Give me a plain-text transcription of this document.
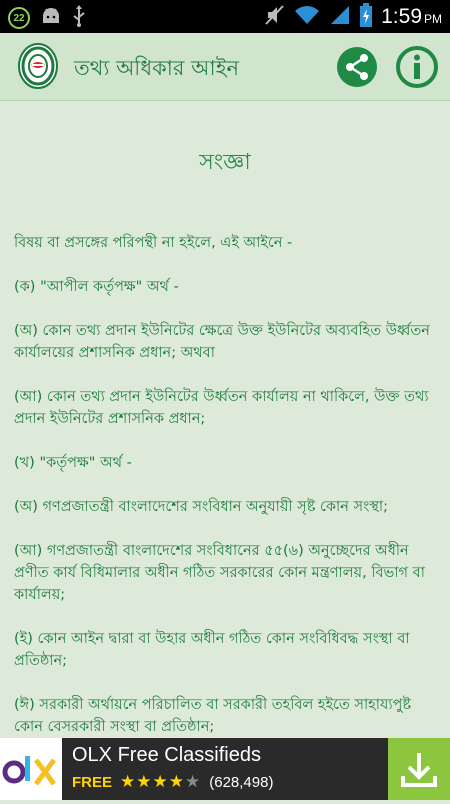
22	1:59 PM
তথ্য অধিকার আইন
সংজ্ঞা

বিষয় বা প্রসঙ্গের পরিপন্থী না হইলে, এই আইনে -

(ক) "আপীল কর্তৃপক্ষ" অর্থ -

(অ) কোন তথ্য প্রদান ইউনিটের ক্ষেত্রে উক্ত ইউনিটের অব্যবহিত উর্ধ্বতন কার্যালয়ের প্রশাসনিক প্রধান; অথবা

(আ) কোন তথ্য প্রদান ইউনিটের উর্ধ্বতন কার্যালয় না থাকিলে, উক্ত তথ্য প্রদান ইউনিটের প্রশাসনিক প্রধান;

(খ) "কর্তৃপক্ষ" অর্থ -

(অ) গণপ্রজাতন্ত্রী বাংলাদেশের সংবিধান অনুযায়ী সৃষ্ট কোন সংস্থা;

(আ) গণপ্রজাতন্ত্রী বাংলাদেশের সংবিধানের ৫৫(৬) অনুচ্ছেদের অধীন প্রণীত কার্য বিধিমালার অধীন গঠিত সরকারের কোন মন্ত্রণালয়, বিভাগ বা কার্যালয়;

(ই) কোন আইন দ্বারা বা উহার অধীন গঠিত কোন সংবিধিবদ্ধ সংস্থা বা প্রতিষ্ঠান;

(ঈ) সরকারী অর্থায়নে পরিচালিত বা সরকারী তহবিল হইতে সাহায্যপুষ্ট কোন বেসরকারী সংস্থা বা প্রতিষ্ঠান;

OLX Free Classifieds
FREE ★★★★★ (628,498)
